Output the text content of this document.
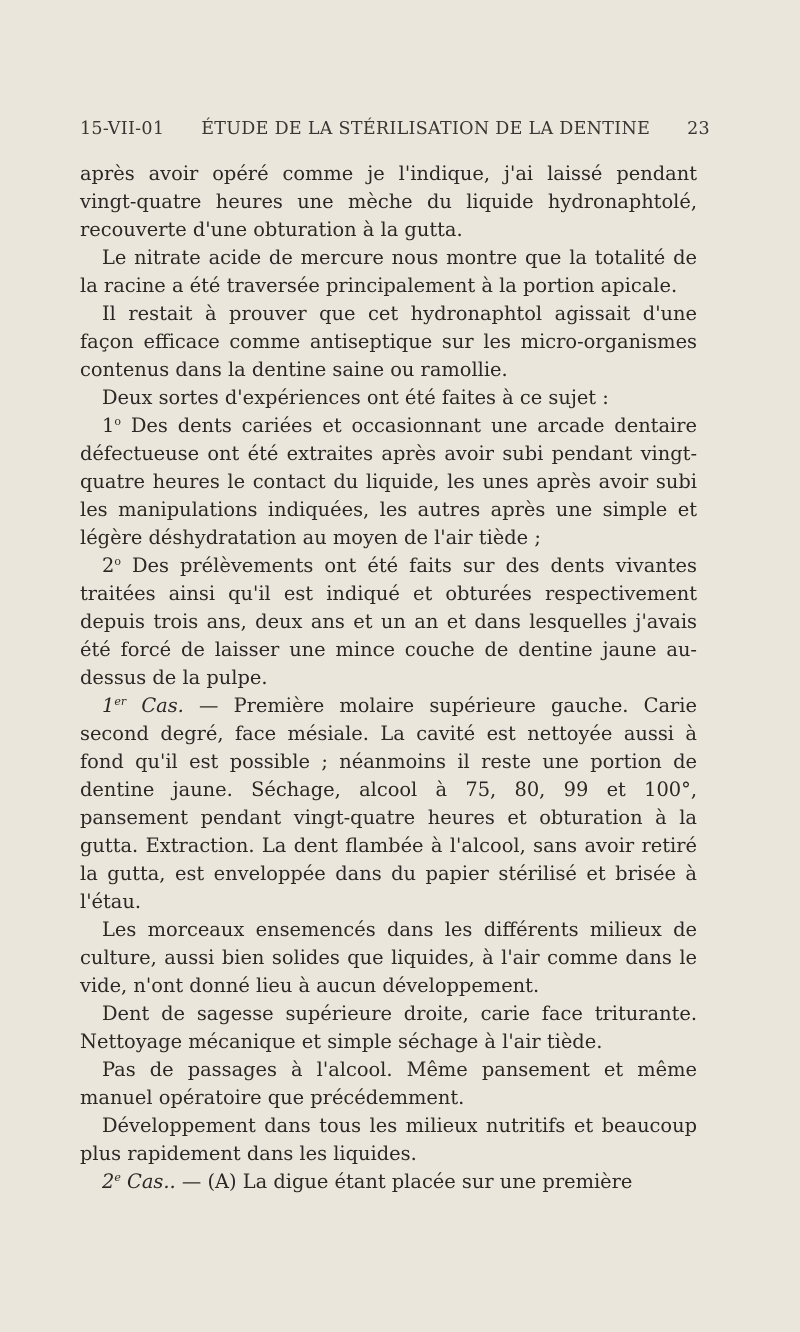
15-VII-01	ÉTUDE DE LA STÉRILISATION DE LA DENTINE	23

après avoir opéré comme je l'indique, j'ai laissé pendant vingt-quatre heures une mèche du liquide hydronaphtolé, recouverte d'une obturation à la gutta.

Le nitrate acide de mercure nous montre que la totalité de la racine a été traversée principalement à la portion apicale.

Il restait à prouver que cet hydronaphtol agissait d'une façon efficace comme antiseptique sur les micro-organismes contenus dans la dentine saine ou ramollie.

Deux sortes d'expériences ont été faites à ce sujet :

1$^o$ Des dents cariées et occasionnant une arcade dentaire défectueuse ont été extraites après avoir subi pendant vingt-quatre heures le contact du liquide, les unes après avoir subi les manipulations indiquées, les autres après une simple et légère déshydratation au moyen de l'air tiède ;

2$^o$ Des prélèvements ont été faits sur des dents vivantes traitées ainsi qu'il est indiqué et obturées respectivement depuis trois ans, deux ans et un an et dans lesquelles j'avais été forcé de laisser une mince couche de dentine jaune au-dessus de la pulpe.

1er Cas. — Première molaire supérieure gauche. Carie second degré, face mésiale. La cavité est nettoyée aussi à fond qu'il est possible ; néanmoins il reste une portion de dentine jaune. Séchage, alcool à 75, 80, 99 et 100°, pansement pendant vingt-quatre heures et obturation à la gutta. Extraction. La dent flambée à l'alcool, sans avoir retiré la gutta, est enveloppée dans du papier stérilisé et brisée à l'étau.

Les morceaux ensemencés dans les différents milieux de culture, aussi bien solides que liquides, à l'air comme dans le vide, n'ont donné lieu à aucun développement.

Dent de sagesse supérieure droite, carie face triturante. Nettoyage mécanique et simple séchage à l'air tiède.

Pas de passages à l'alcool. Même pansement et même manuel opératoire que précédemment.

Développement dans tous les milieux nutritifs et beaucoup plus rapidement dans les liquides.

2e Cas.. — (A) La digue étant placée sur une première
